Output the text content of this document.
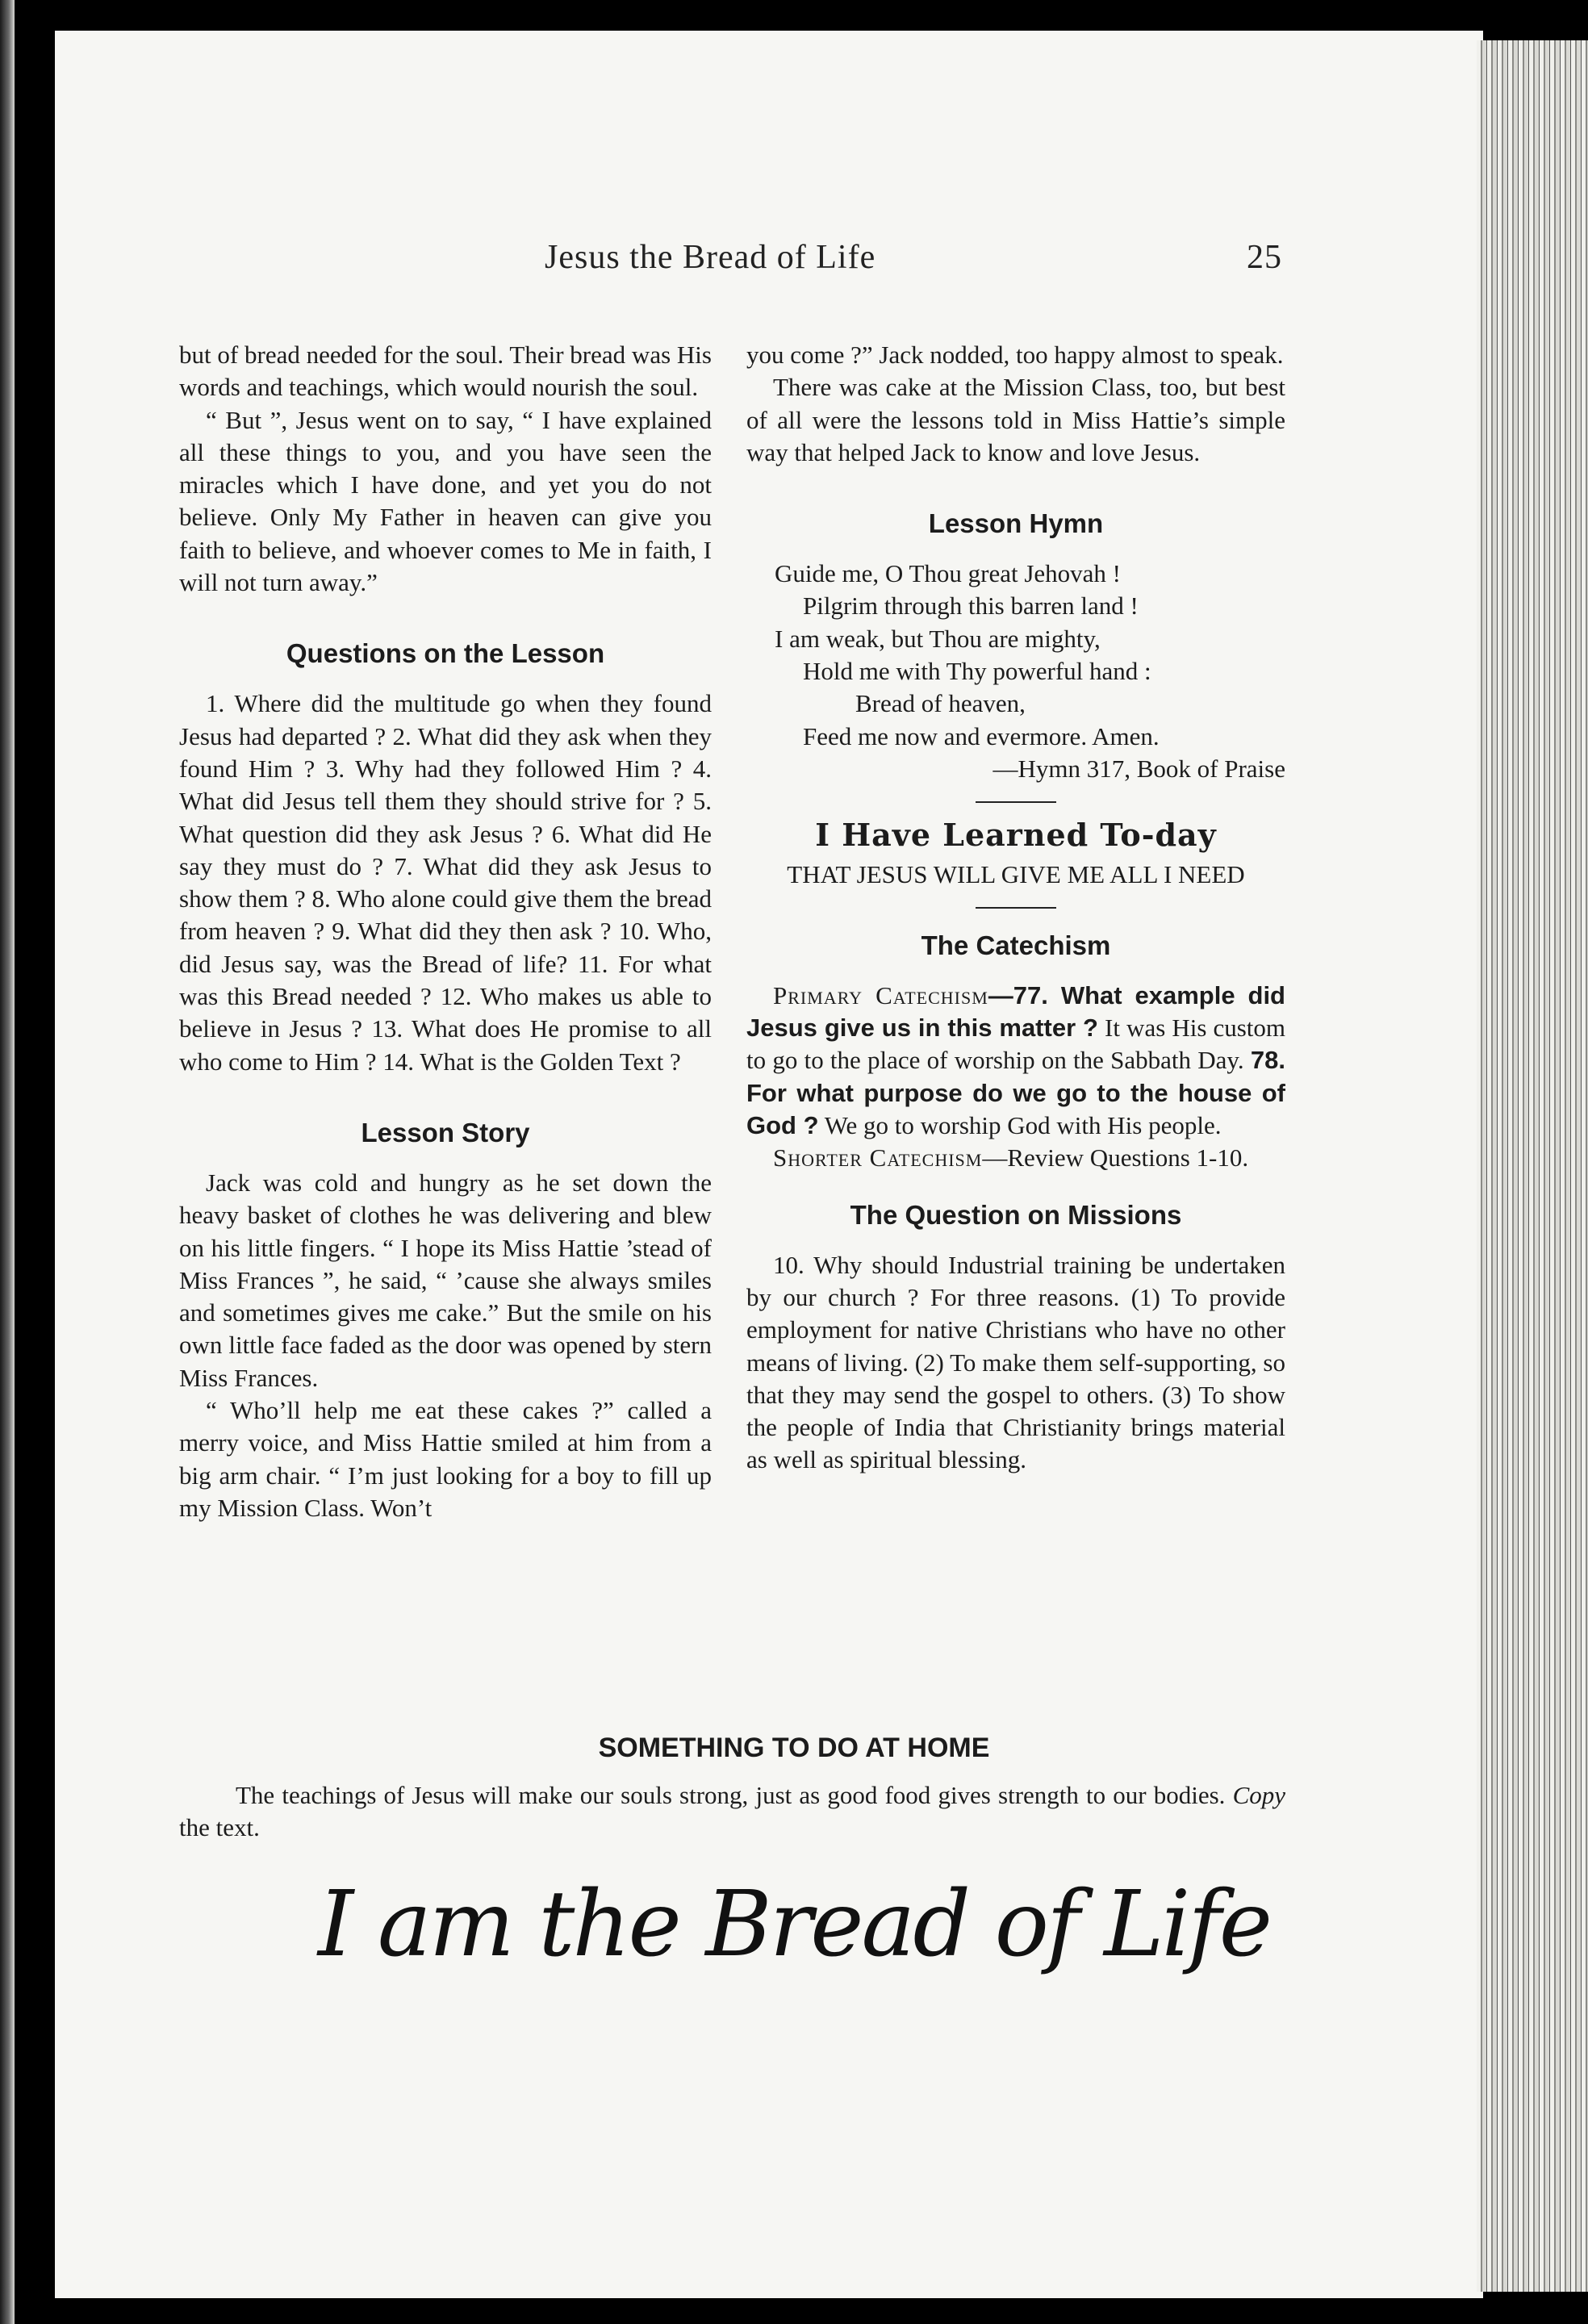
Jesus the Bread of Life	25

but of bread needed for the soul. Their bread was His words and teachings, which would nourish the soul.

“ But ”, Jesus went on to say, “ I have explained all these things to you, and you have seen the miracles which I have done, and yet you do not believe. Only My Father in heaven can give you faith to believe, and whoever comes to Me in faith, I will not turn away.”

Questions on the Lesson

1. Where did the multitude go when they found Jesus had departed ? 2. What did they ask when they found Him ? 3. Why had they followed Him ? 4. What did Jesus tell them they should strive for ? 5. What question did they ask Jesus ? 6. What did He say they must do ? 7. What did they ask Jesus to show them ? 8. Who alone could give them the bread from heaven ? 9. What did they then ask ? 10. Who, did Jesus say, was the Bread of life? 11. For what was this Bread needed ? 12. Who makes us able to believe in Jesus ? 13. What does He promise to all who come to Him ? 14. What is the Golden Text ?

Lesson Story

Jack was cold and hungry as he set down the heavy basket of clothes he was delivering and blew on his little fingers. “ I hope its Miss Hattie ’stead of Miss Frances ”, he said, “ ’cause she always smiles and sometimes gives me cake.” But the smile on his own little face faded as the door was opened by stern Miss Frances.

“ Who’ll help me eat these cakes ?” called a merry voice, and Miss Hattie smiled at him from a big arm chair. “ I’m just looking for a boy to fill up my Mission Class. Won’t

you come ?” Jack nodded, too happy almost to speak.

There was cake at the Mission Class, too, but best of all were the lessons told in Miss Hattie’s simple way that helped Jack to know and love Jesus.

Lesson Hymn
Guide me, O Thou great Jehovah !
Pilgrim through this barren land !
I am weak, but Thou are mighty,
Hold me with Thy powerful hand :
Bread of heaven,
Feed me now and evermore. Amen.
—Hymn 317, Book of Praise
I Have Learned To-day
THAT JESUS WILL GIVE ME ALL I NEED
The Catechism

Primary Catechism—77. What example did Jesus give us in this matter ? It was His custom to go to the place of worship on the Sabbath Day. 78. For what purpose do we go to the house of God ? We go to worship God with His people.

Shorter Catechism—Review Questions 1-10.

The Question on Missions

10. Why should Industrial training be undertaken by our church ? For three reasons. (1) To provide employment for native Christians who have no other means of living. (2) To make them self-supporting, so that they may send the gospel to others. (3) To show the people of India that Christianity brings material as well as spiritual blessing.

SOMETHING TO DO AT HOME
The teachings of Jesus will make our souls strong, just as good food gives strength to our bodies. Copy the text.
I am the Bread of Life
